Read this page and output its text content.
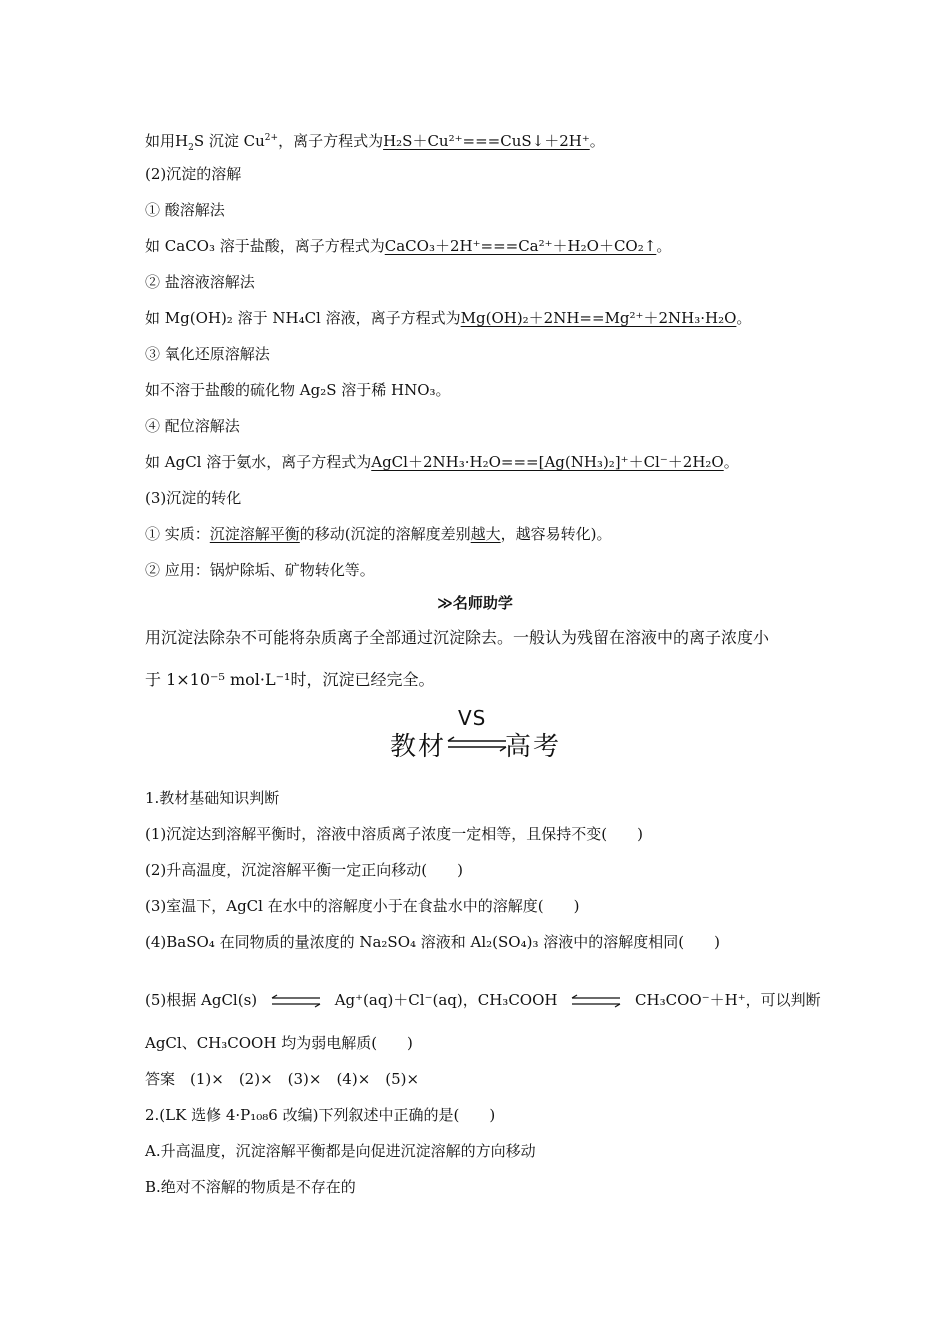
如用$H_2S$ 沉淀 $Cu^{2+}$，离子方程式为H₂S＋Cu²⁺===CuS↓＋2H⁺。
(2)沉淀的溶解
① 酸溶解法
如 CaCO₃ 溶于盐酸，离子方程式为CaCO₃＋2H⁺===Ca²⁺＋H₂O＋CO₂↑。
② 盐溶液溶解法
如 Mg(OH)₂ 溶于 NH₄Cl 溶液，离子方程式为Mg(OH)₂＋2NH==Mg²⁺＋2NH₃·H₂O。
③ 氧化还原溶解法
如不溶于盐酸的硫化物 Ag₂S 溶于稀 HNO₃。
④ 配位溶解法
如 AgCl 溶于氨水，离子方程式为AgCl＋2NH₃·H₂O===[Ag(NH₃)₂]⁺＋Cl⁻＋2H₂O。
(3)沉淀的转化
① 实质：沉淀溶解平衡的移动(沉淀的溶解度差别越大，越容易转化)。
② 应用：锅炉除垢、矿物转化等。
≫名师助学
用沉淀法除杂不可能将杂质离子全部通过沉淀除去。一般认为残留在溶液中的离子浓度小
于 1×10⁻⁵ mol·L⁻¹时，沉淀已经完全。
教材
VS
高考
1.教材基础知识判断
(1)沉淀达到溶解平衡时，溶液中溶质离子浓度一定相等，且保持不变(　　)
(2)升高温度，沉淀溶解平衡一定正向移动(　　)
(3)室温下，AgCl 在水中的溶解度小于在食盐水中的溶解度(　　)
(4)BaSO₄ 在同物质的量浓度的 Na₂SO₄ 溶液和 Al₂(SO₄)₃ 溶液中的溶解度相同(　　)
(5)根据 AgCl(s) ⇌ Ag⁺(aq)＋Cl⁻(aq)，CH₃COOH ⇌ CH₃COO⁻＋H⁺，可以判断
AgCl、CH₃COOH 均为弱电解质(　　)
答案　(1)×　(2)×　(3)×　(4)×　(5)×
2.(LK 选修 4·P₁₀₈6 改编)下列叙述中正确的是(　　)
A.升高温度，沉淀溶解平衡都是向促进沉淀溶解的方向移动
B.绝对不溶解的物质是不存在的
